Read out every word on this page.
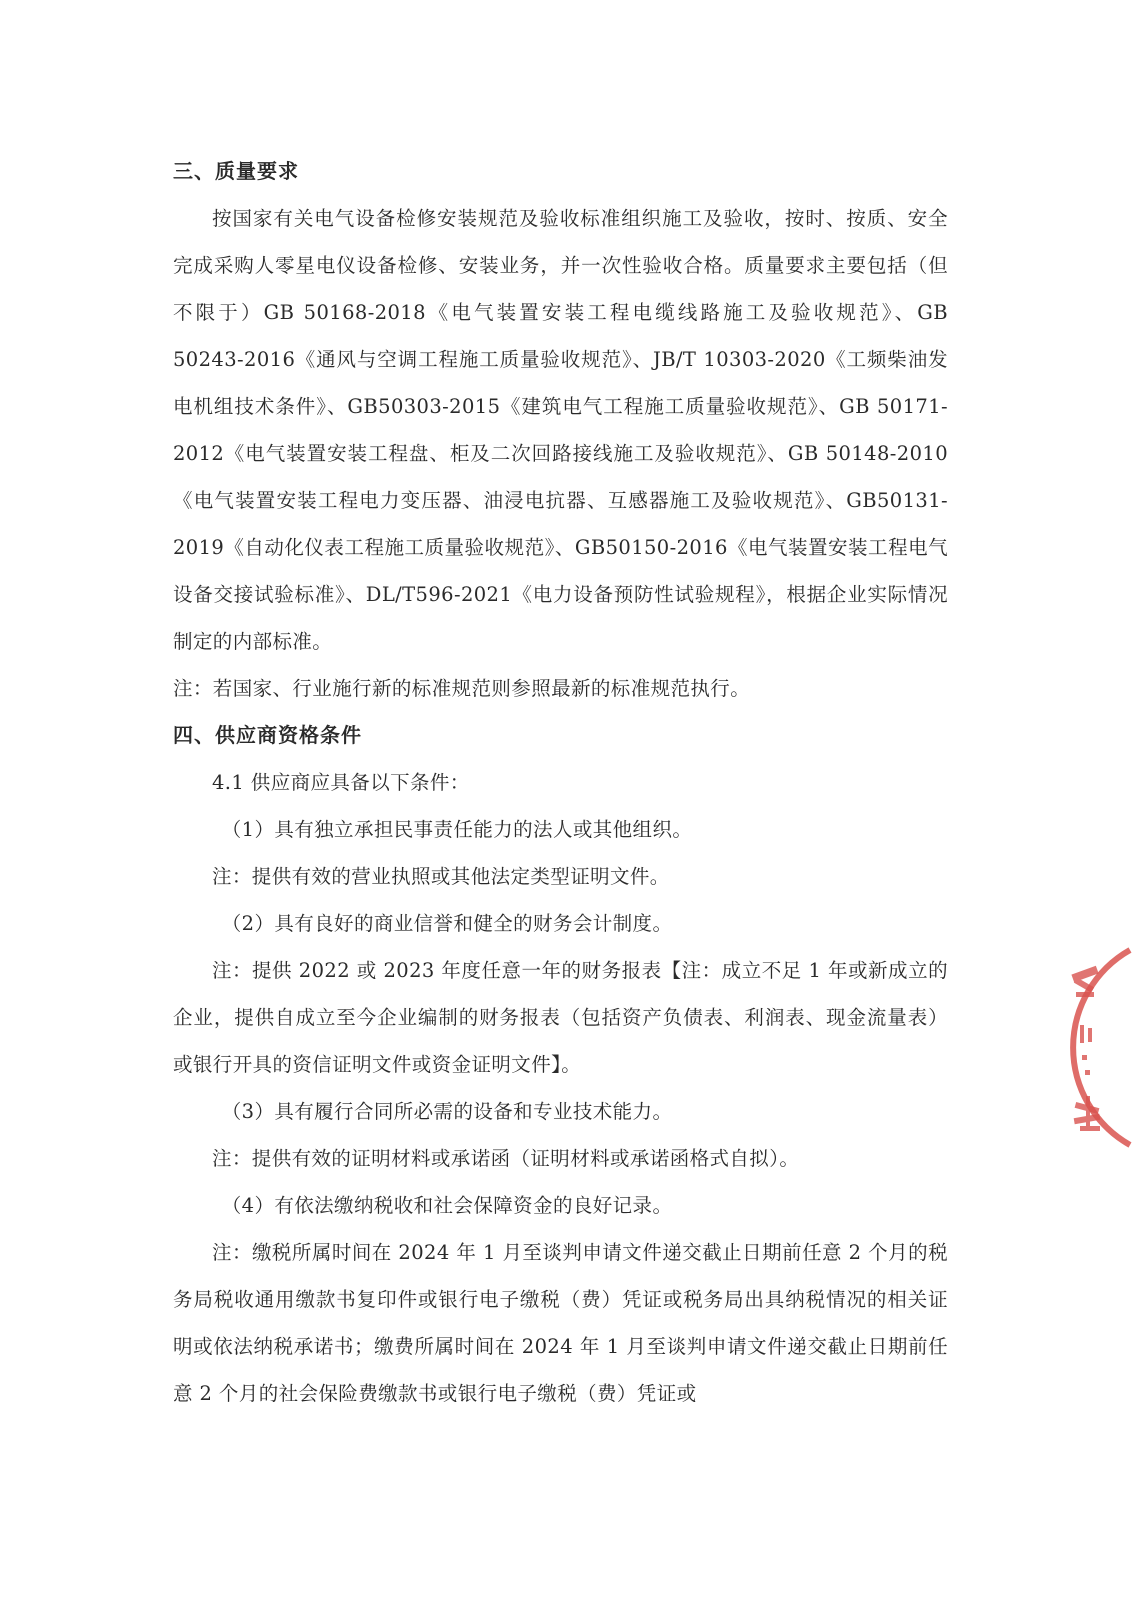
三、质量要求

按国家有关电气设备检修安装规范及验收标准组织施工及验收，按时、按质、安全完成采购人零星电仪设备检修、安装业务，并一次性验收合格。质量要求主要包括（但不限于）GB 50168-2018《电气装置安装工程电缆线路施工及验收规范》、GB 50243-2016《通风与空调工程施工质量验收规范》、JB/T 10303-2020《工频柴油发电机组技术条件》、GB50303-2015《建筑电气工程施工质量验收规范》、GB 50171-2012《电气装置安装工程盘、柜及二次回路接线施工及验收规范》、GB 50148-2010《电气装置安装工程电力变压器、油浸电抗器、互感器施工及验收规范》、GB50131-2019《自动化仪表工程施工质量验收规范》、GB50150-2016《电气装置安装工程电气设备交接试验标准》、DL/T596-2021《电力设备预防性试验规程》，根据企业实际情况制定的内部标准。

注：若国家、行业施行新的标准规范则参照最新的标准规范执行。

四、供应商资格条件

4.1 供应商应具备以下条件：

（1）具有独立承担民事责任能力的法人或其他组织。

注：提供有效的营业执照或其他法定类型证明文件。

（2）具有良好的商业信誉和健全的财务会计制度。

注：提供 2022 或 2023 年度任意一年的财务报表【注：成立不足 1 年或新成立的企业，提供自成立至今企业编制的财务报表（包括资产负债表、利润表、现金流量表）或银行开具的资信证明文件或资金证明文件】。

（3）具有履行合同所必需的设备和专业技术能力。

注：提供有效的证明材料或承诺函（证明材料或承诺函格式自拟）。

（4）有依法缴纳税收和社会保障资金的良好记录。

注：缴税所属时间在 2024 年 1 月至谈判申请文件递交截止日期前任意 2 个月的税务局税收通用缴款书复印件或银行电子缴税（费）凭证或税务局出具纳税情况的相关证明或依法纳税承诺书；缴费所属时间在 2024 年 1 月至谈判申请文件递交截止日期前任意 2 个月的社会保险费缴款书或银行电子缴税（费）凭证或
